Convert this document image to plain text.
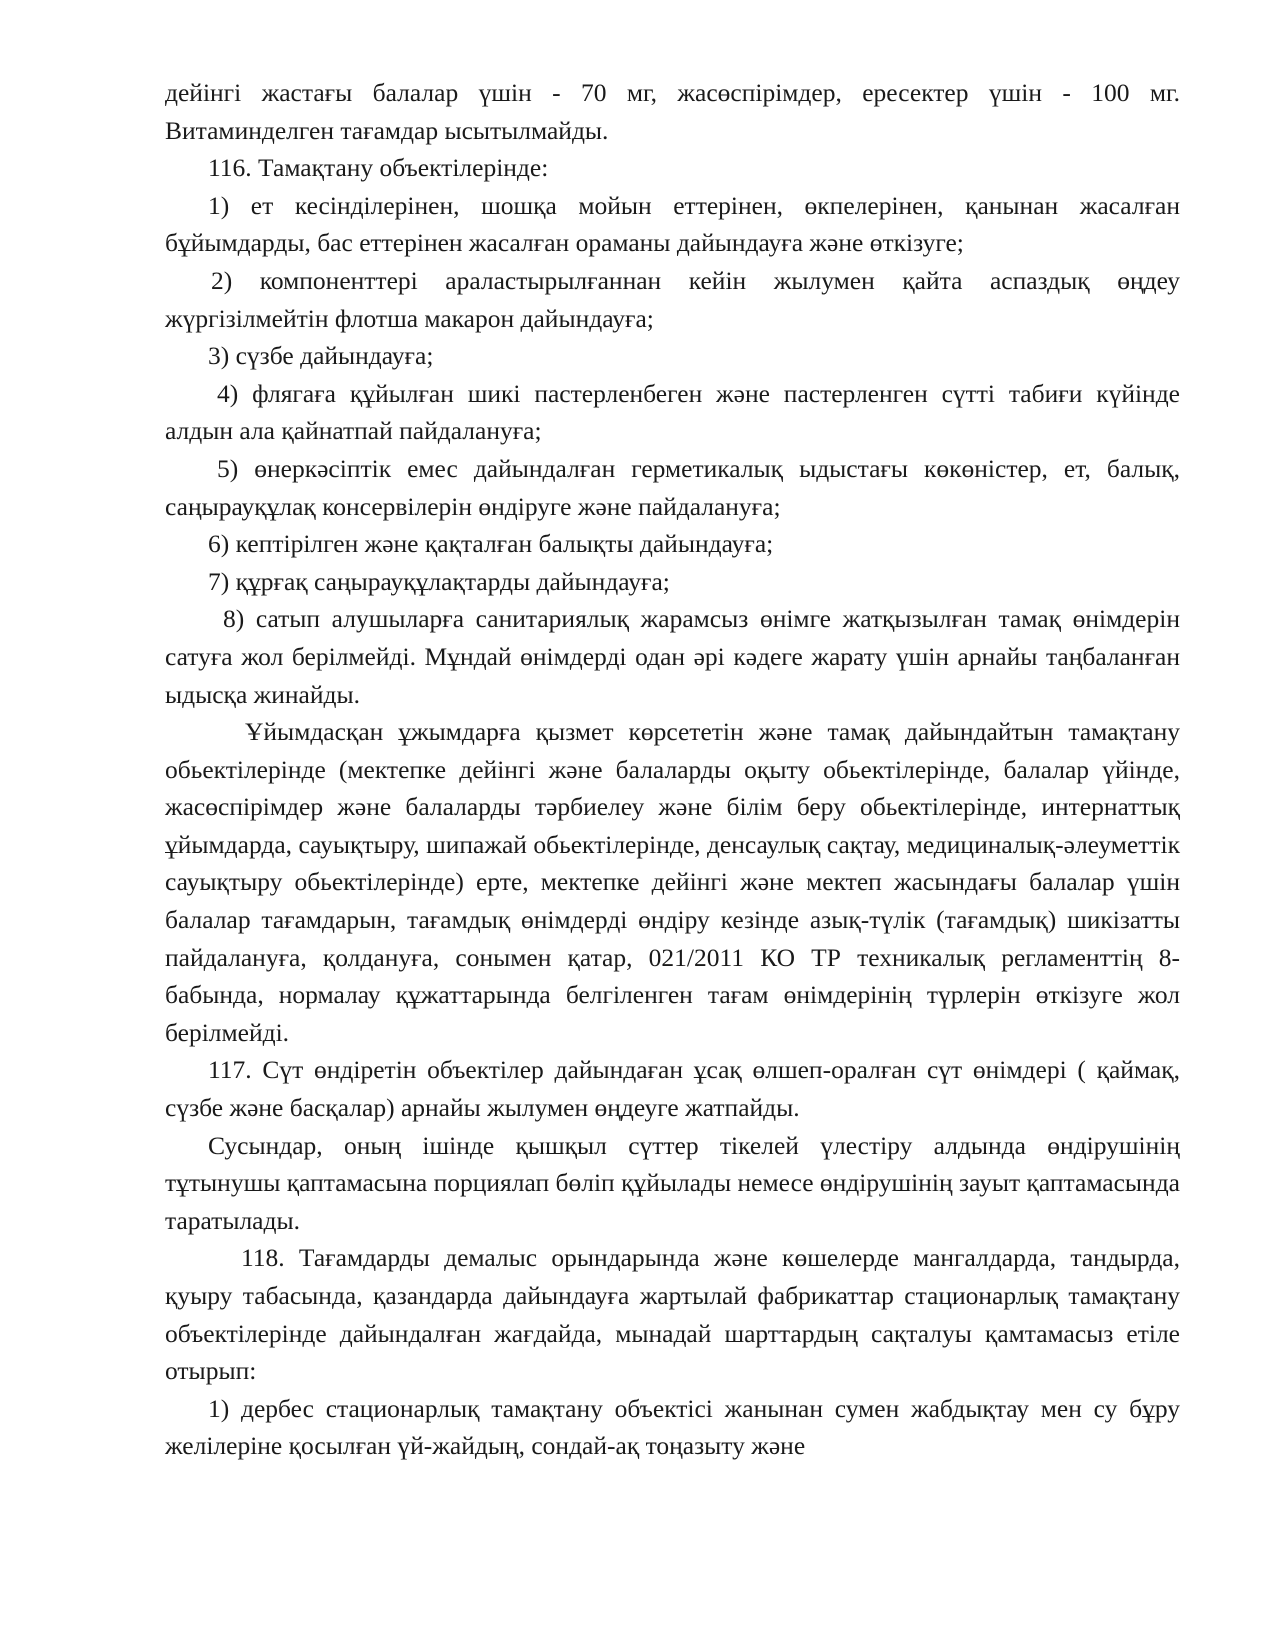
дейінгі жастағы балалар үшін - 70 мг, жасөспірімдер, ересектер үшін - 100 мг. Витаминделген тағамдар ысытылмайды.

116. Тамақтану объектілерінде:

1) ет кесінділерінен, шошқа мойын еттерінен, өкпелерінен, қанынан жасалған бұйымдарды, бас еттерінен жасалған ораманы дайындауға және өткізуге;

2) компоненттері араластырылғаннан кейін жылумен қайта аспаздық өңдеу жүргізілмейтін флотша макарон дайындауға;

3) сүзбе дайындауға;

4) флягаға құйылған шикі пастерленбеген және пастерленген сүтті табиғи күйінде алдын ала қайнатпай пайдалануға;

5) өнеркәсіптік емес дайындалған герметикалық ыдыстағы көкөністер, ет, балық, саңырауқұлақ консервілерін өндіруге және пайдалануға;

6) кептірілген және қақталған балықты дайындауға;

7) құрғақ саңырауқұлақтарды дайындауға;

8) сатып алушыларға санитариялық жарамсыз өнімге жатқызылған тамақ өнімдерін сатуға жол берілмейді. Мұндай өнімдерді одан әрі кәдеге жарату үшін арнайы таңбаланған ыдысқа жинайды.

Ұйымдасқан ұжымдарға қызмет көрсететін және тамақ дайындайтын тамақтану обьектілерінде (мектепке дейінгі және балаларды оқыту обьектілерінде, балалар үйінде, жасөспірімдер және балаларды тәрбиелеу және білім беру обьектілерінде, интернаттық ұйымдарда, сауықтыру, шипажай обьектілерінде, денсаулық сақтау, медициналық-әлеуметтік сауықтыру обьектілерінде) ерте, мектепке дейінгі және мектеп жасындағы балалар үшін балалар тағамдарын, тағамдық өнімдерді өндіру кезінде азық-түлік (тағамдық) шикізатты пайдалануға, қолдануға, сонымен қатар, 021/2011 КО ТР техникалық регламенттің 8-бабында, нормалау құжаттарында белгіленген тағам өнімдерінің түрлерін өткізуге жол берілмейді.

117. Сүт өндіретін объектілер дайындаған ұсақ өлшеп-оралған сүт өнімдері ( қаймақ, сүзбе және басқалар) арнайы жылумен өңдеуге жатпайды.

Сусындар, оның ішінде қышқыл сүттер тікелей үлестіру алдында өндірушінің тұтынушы қаптамасына порциялап бөліп құйылады немесе өндірушінің зауыт қаптамасында таратылады.

118. Тағамдарды демалыс орындарында және көшелерде мангалдарда, тандырда, қуыру табасында, қазандарда дайындауға жартылай фабрикаттар стационарлық тамақтану объектілерінде дайындалған жағдайда, мынадай шарттардың сақталуы қамтамасыз етіле отырып:

1) дербес стационарлық тамақтану объектісі жанынан сумен жабдықтау мен су бұру желілеріне қосылған үй-жайдың, сондай-ақ тоңазыту және
